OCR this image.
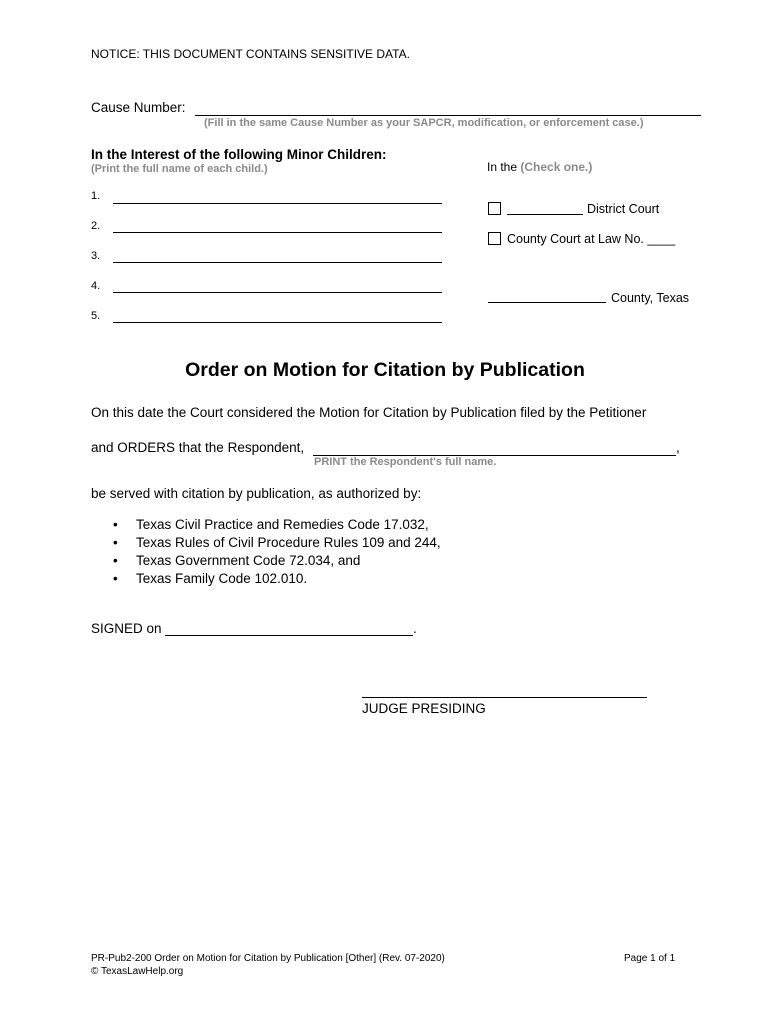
NOTICE: THIS DOCUMENT CONTAINS SENSITIVE DATA.
Cause Number:
(Fill in the same Cause Number as your SAPCR, modification, or enforcement case.)
In the Interest of the following Minor Children:
(Print the full name of each child.)
1.
2.
3.
4.
5.
In the (Check one.)
District Court
County Court at Law No. ____
County, Texas
Order on Motion for Citation by Publication
On this date the Court considered the Motion for Citation by Publication filed by the Petitioner
and ORDERS that the Respondent,	,
PRINT the Respondent's full name.
be served with citation by publication, as authorized by:
• Texas Civil Practice and Remedies Code 17.032,
• Texas Rules of Civil Procedure Rules 109 and 244,
• Texas Government Code 72.034, and
• Texas Family Code 102.010.
SIGNED on	.
JUDGE PRESIDING
PR-Pub2-200 Order on Motion for Citation by Publication [Other] (Rev. 07-2020)
© TexasLawHelp.org
Page 1 of 1
